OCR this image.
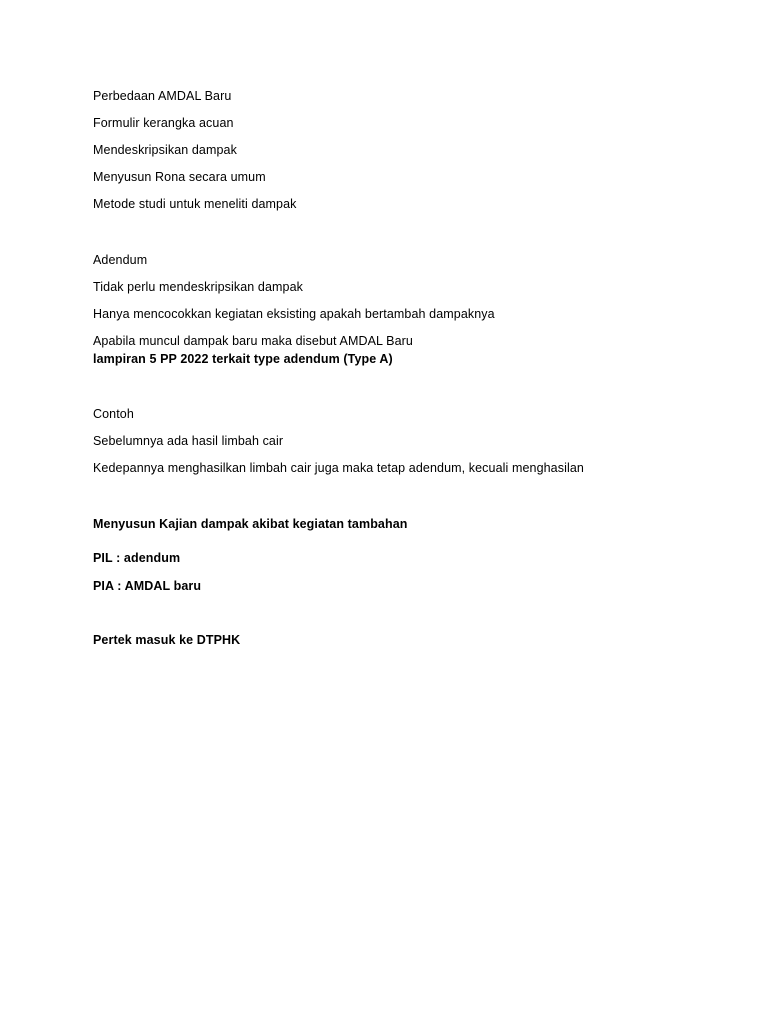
Perbedaan AMDAL Baru
Formulir kerangka acuan
Mendeskripsikan dampak
Menyusun Rona secara umum
Metode studi untuk meneliti dampak
Adendum
Tidak perlu mendeskripsikan dampak
Hanya mencocokkan kegiatan eksisting apakah bertambah dampaknya
Apabila muncul dampak baru maka disebut AMDAL Baru
lampiran 5 PP 2022 terkait type adendum (Type A)
Contoh
Sebelumnya ada hasil limbah cair
Kedepannya menghasilkan limbah cair juga maka tetap adendum, kecuali menghasilan
Menyusun Kajian dampak akibat kegiatan tambahan
PIL : adendum
PIA : AMDAL baru
Pertek masuk ke DTPHK
